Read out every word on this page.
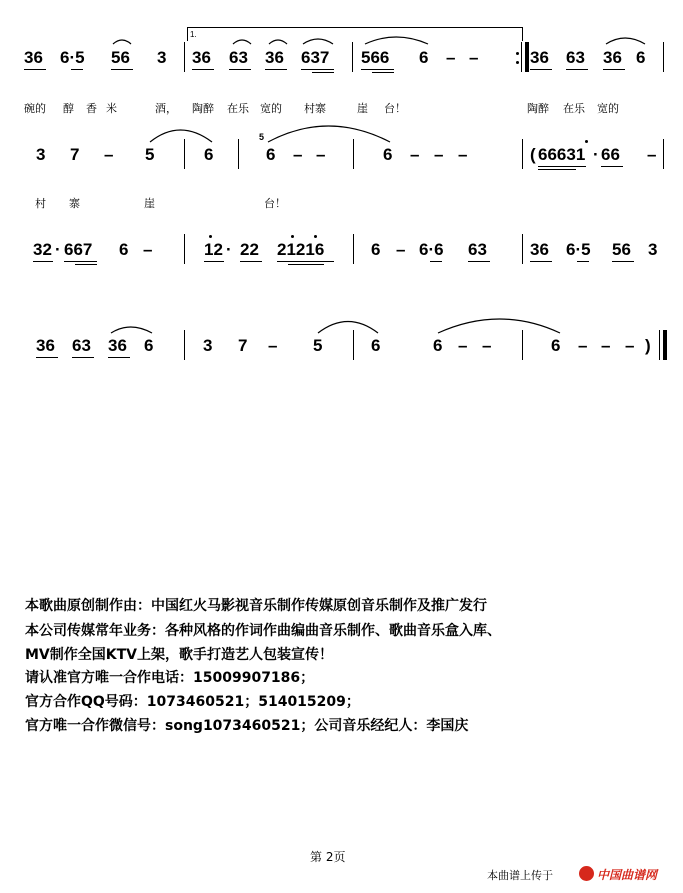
1.
36 6·5 56 3 36 63 36 637 566 6 – –	36 63 36 6
碗的 醇 香 米	酒， 陶醉 在乐 宽的 村寨	崖 台！	陶醉 在乐 宽的
3 7 – 5	6
5
6 – –	6 – – –	( 66631 · 66 –
村 寨	崖	台！
32 · 667 6 –	12 · 22 21216	6 – 6·6 63	36 6·5 56 3
36 63 36 6	3 7 – 5	6	6 – –	6 – – – )
本歌曲原创制作由：中国红火马影视音乐制作传媒原创音乐制作及推广发行
本公司传媒常年业务：各种风格的作词作曲编曲音乐制作、歌曲音乐盒入库、
MV制作全国KTV上架，歌手打造艺人包装宣传！
请认准官方唯一合作电话：15009907186；
官方合作QQ号码：1073460521；514015209；
官方唯一合作微信号：song1073460521；公司音乐经纪人：李国庆
第 2页
本曲谱上传于	中国曲谱网
